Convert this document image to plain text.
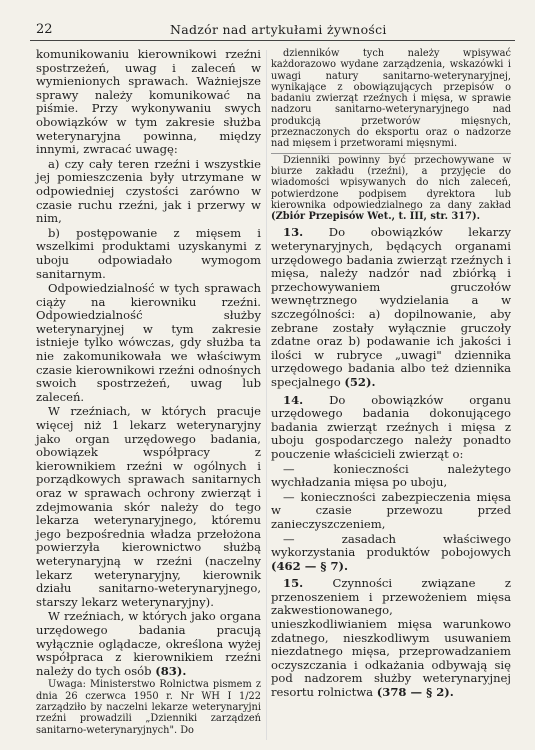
22	Nadzór nad artykułami żywności

komunikowaniu kierownikowi rzeźni spostrzeżeń, uwag i zaleceń w wymienionych sprawach. Ważniejsze sprawy należy komunikować na piśmie. Przy wykonywaniu swych obowiązków w tym zakresie służba weterynaryjna powinna, między innymi, zwracać uwagę:

a) czy cały teren rzeźni i wszystkie jej pomieszczenia były utrzymane w odpowiedniej czystości zarówno w czasie ruchu rzeźni, jak i przerwy w nim,

b) postępowanie z mięsem i wszelkimi produktami uzyskanymi z uboju odpowiadało wymogom sanitarnym.

Odpowiedzialność w tych sprawach ciąży na kierowniku rzeźni. Odpowiedzialność służby weterynaryjnej w tym zakresie istnieje tylko wówczas, gdy służba ta nie zakomunikowała we właściwym czasie kierownikowi rzeźni odnośnych swoich spostrzeżeń, uwag lub zaleceń.

W rzeźniach, w których pracuje więcej niż 1 lekarz weterynaryjny jako organ urzędowego badania, obowiązek współpracy z kierownikiem rzeźni w ogólnych i porządkowych sprawach sanitarnych oraz w sprawach ochrony zwierząt i zdejmowania skór należy do tego lekarza weterynaryjnego, któremu jego bezpośrednia władza przełożona powierzyła kierownictwo służbą weterynaryjną w rzeźni (naczelny lekarz weterynaryjny, kierownik działu sanitarno-weterynaryjnego, starszy lekarz weterynaryjny).

W rzeźniach, w których jako organa urzędowego badania pracują wyłącznie oglądacze, określona wyżej współpraca z kierownikiem rzeźni należy do tych osób (83).

Uwaga: Ministerstwo Rolnictwa pismem z dnia 26 czerwca 1950 r. Nr WH I 1/22 zarządziło by naczelni lekarze weterynaryjni rzeźni prowadzili „Dzienniki zarządzeń sanitarno-weterynaryjnych". Do

dzienników tych należy wpisywać każdorazowo wydane zarządzenia, wskazówki i uwagi natury sanitarno-weterynaryjnej, wynikające z obowiązujących przepisów o badaniu zwierząt rzeźnych i mięsa, w sprawie nadzoru sanitarno-weterynaryjnego nad produkcją przetworów mięsnych, przeznaczonych do eksportu oraz o nadzorze nad mięsem i przetworami mięsnymi.

Dzienniki powinny być przechowywane w biurze zakładu (rzeźni), a przyjęcie do wiadomości wpisywanych do nich zaleceń, potwierdzone podpisem dyrektora lub kierownika odpowiedzialnego za dany zakład (Zbiór Przepisów Wet., t. III, str. 317).

13. Do obowiązków lekarzy weterynaryjnych, będących organami urzędowego badania zwierząt rzeźnych i mięsa, należy nadzór nad zbiórką i przechowywaniem gruczołów wewnętrznego wydzielania a w szczególności: a) dopilnowanie, aby zebrane zostały wyłącznie gruczoły zdatne oraz b) podawanie ich jakości i ilości w rubryce „uwagi" dziennika urzędowego badania albo też dziennika specjalnego (52).

14. Do obowiązków organu urzędowego badania dokonującego badania zwierząt rzeźnych i mięsa z uboju gospodarczego należy ponadto pouczenie właścicieli zwierząt o:

— konieczności należytego wychładzania mięsa po uboju,

— konieczności zabezpieczenia mięsa w czasie przewozu przed zanieczyszczeniem,

— zasadach właściwego wykorzystania produktów pobojowych (462 — § 7).

15. Czynności związane z przenoszeniem i przewożeniem mięsa zakwestionowanego, unieszkodliwianiem mięsa warunkowo zdatnego, nieszkodliwym usuwaniem niezdatnego mięsa, przeprowadzaniem oczyszczania i odkażania odbywają się pod nadzorem służby weterynaryjnej resortu rolnictwa (378 — § 2).
